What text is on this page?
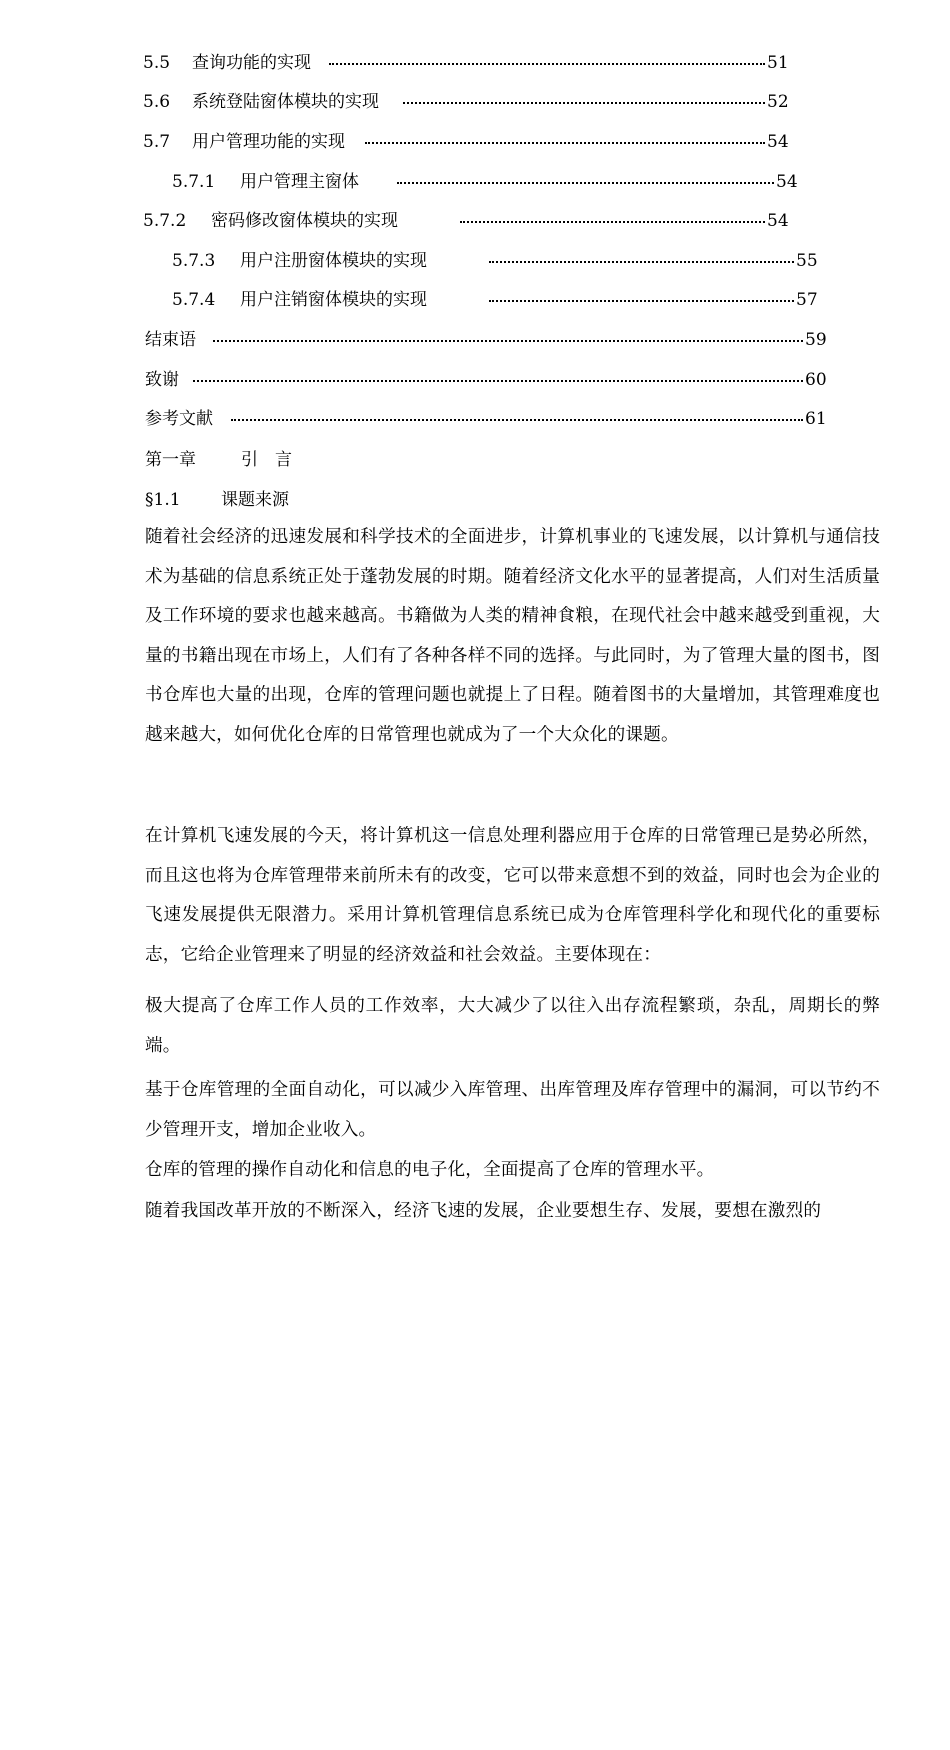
5.5 查询功能的实现	51
5.6 系统登陆窗体模块的实现	52
5.7 用户管理功能的实现	54
5.7.1 用户管理主窗体	54
5.7.2 密码修改窗体模块的实现	54
5.7.3 用户注册窗体模块的实现	55
5.7.4 用户注销窗体模块的实现	57
结束语	59
致谢	60
参考文献	61
第一章	引　言
§1.1 课题来源
随着社会经济的迅速发展和科学技术的全面进步，计算机事业的飞速发展，以计算机与通信技术为基础的信息系统正处于蓬勃发展的时期。随着经济文化水平的显著提高，人们对生活质量及工作环境的要求也越来越高。书籍做为人类的精神食粮，在现代社会中越来越受到重视，大量的书籍出现在市场上，人们有了各种各样不同的选择。与此同时，为了管理大量的图书，图书仓库也大量的出现，仓库的管理问题也就提上了日程。随着图书的大量增加，其管理难度也越来越大，如何优化仓库的日常管理也就成为了一个大众化的课题。
在计算机飞速发展的今天，将计算机这一信息处理利器应用于仓库的日常管理已是势必所然，而且这也将为仓库管理带来前所未有的改变，它可以带来意想不到的效益，同时也会为企业的飞速发展提供无限潜力。采用计算机管理信息系统已成为仓库管理科学化和现代化的重要标志，它给企业管理来了明显的经济效益和社会效益。主要体现在：
极大提高了仓库工作人员的工作效率，大大减少了以往入出存流程繁琐，杂乱，周期长的弊端。
基于仓库管理的全面自动化，可以减少入库管理、出库管理及库存管理中的漏洞，可以节约不少管理开支，增加企业收入。
仓库的管理的操作自动化和信息的电子化，全面提高了仓库的管理水平。
随着我国改革开放的不断深入，经济飞速的发展，企业要想生存、发展，要想在激烈的
